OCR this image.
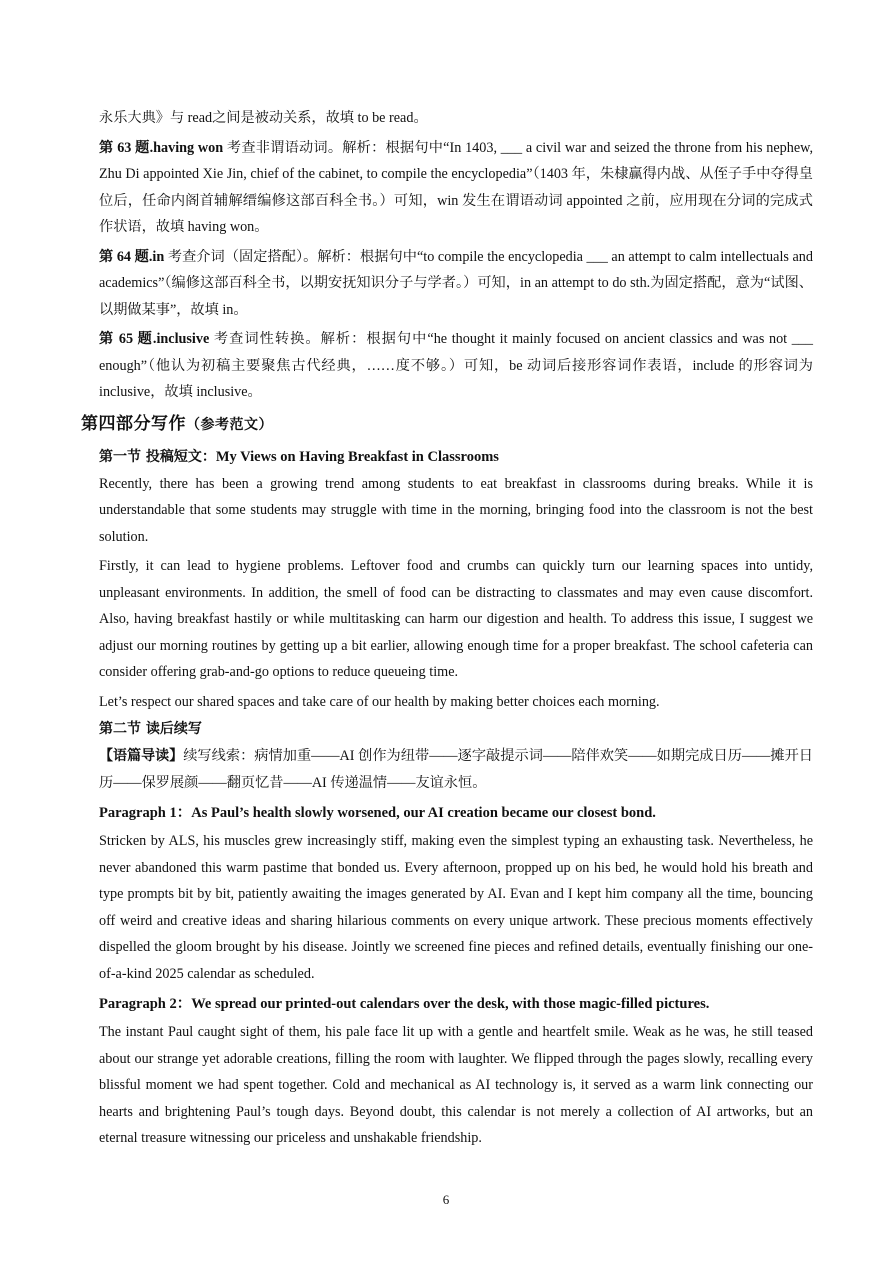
永乐大典》与 read之间是被动关系，故填 to be read。

第 63 题.having won 考查非谓语动词。解析：根据句中“In 1403, ___ a civil war and seized the throne from his nephew, Zhu Di appointed Xie Jin, chief of the cabinet, to compile the encyclopedia”（1403 年，朱棣赢得内战、从侄子手中夺得皇位后，任命内阁首辅解缙编修这部百科全书。）可知，win 发生在谓语动词 appointed 之前，应用现在分词的完成式作状语，故填 having won。

第 64 题.in 考查介词（固定搭配）。解析：根据句中“to compile the encyclopedia ___ an attempt to calm intellectuals and academics”（编修这部百科全书，以期安抚知识分子与学者。）可知，in an attempt to do sth.为固定搭配，意为“试图、以期做某事”，故填 in。

第 65 题.inclusive 考查词性转换。解析：根据句中“he thought it mainly focused on ancient classics and was not ___ enough”（他认为初稿主要聚焦古代经典，……度不够。）可知，be 动词后接形容词作表语，include 的形容词为 inclusive，故填 inclusive。

第四部分写作（参考范文）
第一节 投稿短文：My Views on Having Breakfast in Classrooms

Recently, there has been a growing trend among students to eat breakfast in classrooms during breaks. While it is understandable that some students may struggle with time in the morning, bringing food into the classroom is not the best solution.

Firstly, it can lead to hygiene problems. Leftover food and crumbs can quickly turn our learning spaces into untidy, unpleasant environments. In addition, the smell of food can be distracting to classmates and may even cause discomfort. Also, having breakfast hastily or while multitasking can harm our digestion and health. To address this issue, I suggest we adjust our morning routines by getting up a bit earlier, allowing enough time for a proper breakfast. The school cafeteria can consider offering grab-and-go options to reduce queueing time.

Let’s respect our shared spaces and take care of our health by making better choices each morning.

第二节 读后续写

【语篇导读】续写线索：病情加重——AI 创作为纽带——逐字敲提示词——陪伴欢笑——如期完成日历——摊开日历——保罗展颜——翻页忆昔——AI 传递温情——友谊永恒。

Paragraph 1：As Paul’s health slowly worsened, our AI creation became our closest bond.

Stricken by ALS, his muscles grew increasingly stiff, making even the simplest typing an exhausting task. Nevertheless, he never abandoned this warm pastime that bonded us. Every afternoon, propped up on his bed, he would hold his breath and type prompts bit by bit, patiently awaiting the images generated by AI. Evan and I kept him company all the time, bouncing off weird and creative ideas and sharing hilarious comments on every unique artwork. These precious moments effectively dispelled the gloom brought by his disease. Jointly we screened fine pieces and refined details, eventually finishing our one-of-a-kind 2025 calendar as scheduled.

Paragraph 2：We spread our printed-out calendars over the desk, with those magic-filled pictures.

The instant Paul caught sight of them, his pale face lit up with a gentle and heartfelt smile. Weak as he was, he still teased about our strange yet adorable creations, filling the room with laughter. We flipped through the pages slowly, recalling every blissful moment we had spent together. Cold and mechanical as AI technology is, it served as a warm link connecting our hearts and brightening Paul’s tough days. Beyond doubt, this calendar is not merely a collection of AI artworks, but an eternal treasure witnessing our priceless and unshakable friendship.

6
